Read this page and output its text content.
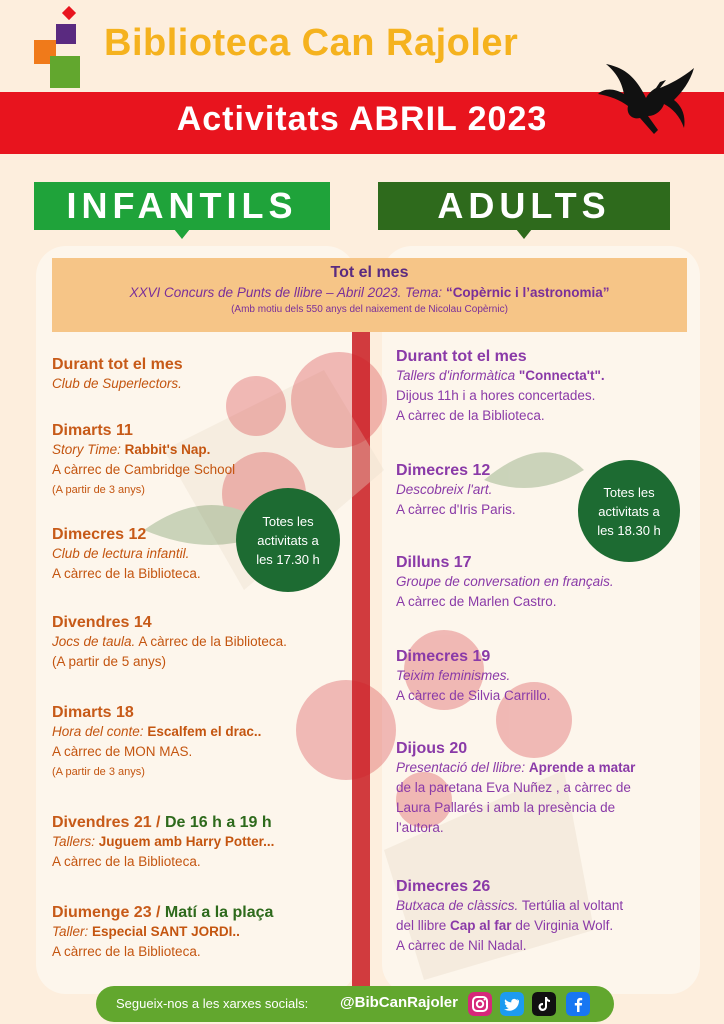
Biblioteca Can Rajoler
Activitats ABRIL 2023
INFANTILS	ADULTS
Tot el mes
XXVI Concurs de Punts de llibre – Abril 2023. Tema: “Copèrnic i l’astronomia”
(Amb motiu dels 550 anys del naixement de Nicolau Copèrnic)
Durant tot el mes
Club de Superlectors.
Dimarts 11
Story Time: Rabbit's Nap.
A càrrec de Cambridge School
(A partir de 3 anys)
Dimecres 12
Club de lectura infantil.
A càrrec de la Biblioteca.
Divendres 14
Jocs de taula. A càrrec de la Biblioteca.
(A partir de 5 anys)
Dimarts 18
Hora del conte: Escalfem el drac..
A càrrec de MON MAS.
(A partir de 3 anys)
Divendres 21 / De 16 h a 19 h
Tallers: Juguem amb Harry Potter...
A càrrec de la Biblioteca.
Diumenge 23 / Matí a la plaça
Taller: Especial SANT JORDI..
A càrrec de la Biblioteca.
Durant tot el mes
Tallers d'informàtica "Connecta't".
Dijous 11h i a hores concertades.
A càrrec de la Biblioteca.
Dimecres 12
Descobreix l'art.
A càrrec d'Iris Paris.
Dilluns 17
Groupe de conversation en français.
A càrrec de Marlen Castro.
Dimecres 19
Teixim feminismes.
A càrrec de Silvia Carrillo.
Dijous 20
Presentació del llibre: Aprende a matar
de la paretana Eva Nuñez , a càrrec de
Laura Pallarés i amb la presència de
l'autora.
Dimecres 26
Butxaca de clàssics. Tertúlia al voltant
del llibre Cap al far de Virginia Wolf.
A càrrec de Nil Nadal.
Totes les
activitats a
les 17.30 h
Totes les
activitats a
les 18.30 h
Segueix-nos a les xarxes socials: @BibCanRajoler
